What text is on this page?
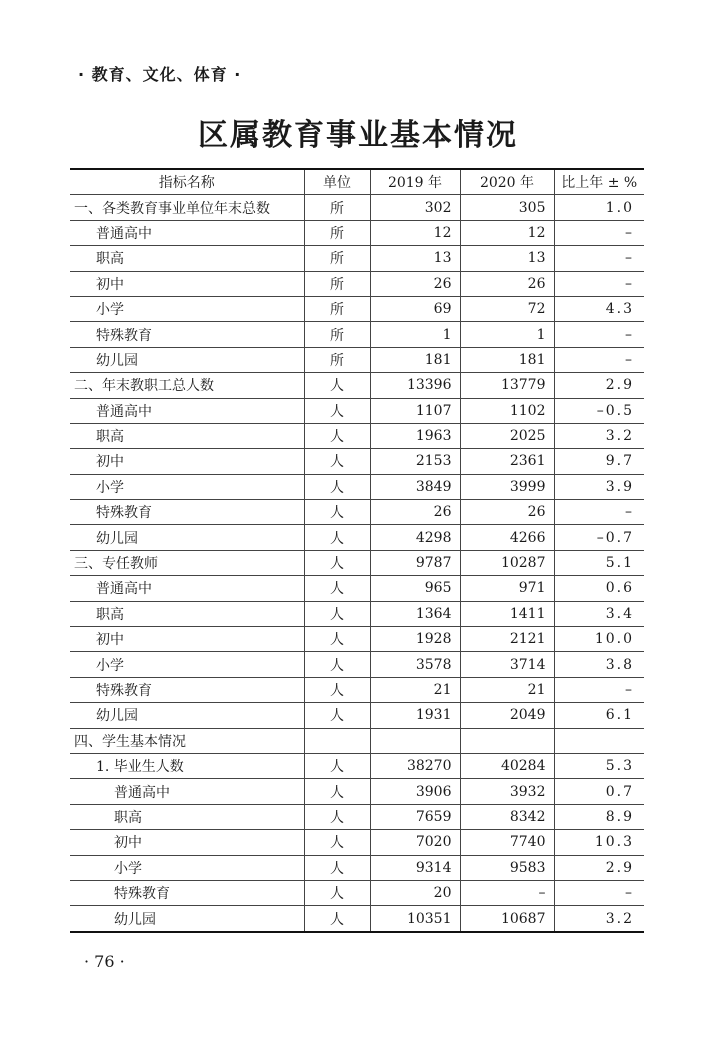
· 教育、文化、体育 ·
区属教育事业基本情况
指标名称	单位	2019 年	2020 年	比上年 ± %
一、各类教育事业单位年末总数	所	302	305	1.0
普通高中	所	12	12	–
职高	所	13	13	–
初中	所	26	26	–
小学	所	69	72	4.3
特殊教育	所	1	1	–
幼儿园	所	181	181	–
二、年末教职工总人数	人	13396	13779	2.9
普通高中	人	1107	1102	–0.5
职高	人	1963	2025	3.2
初中	人	2153	2361	9.7
小学	人	3849	3999	3.9
特殊教育	人	26	26	–
幼儿园	人	4298	4266	–0.7
三、专任教师	人	9787	10287	5.1
普通高中	人	965	971	0.6
职高	人	1364	1411	3.4
初中	人	1928	2121	10.0
小学	人	3578	3714	3.8
特殊教育	人	21	21	–
幼儿园	人	1931	2049	6.1
四、学生基本情况				
1. 毕业生人数	人	38270	40284	5.3
普通高中	人	3906	3932	0.7
职高	人	7659	8342	8.9
初中	人	7020	7740	10.3
小学	人	9314	9583	2.9
特殊教育	人	20	–	–
幼儿园	人	10351	10687	3.2
· 76 ·
